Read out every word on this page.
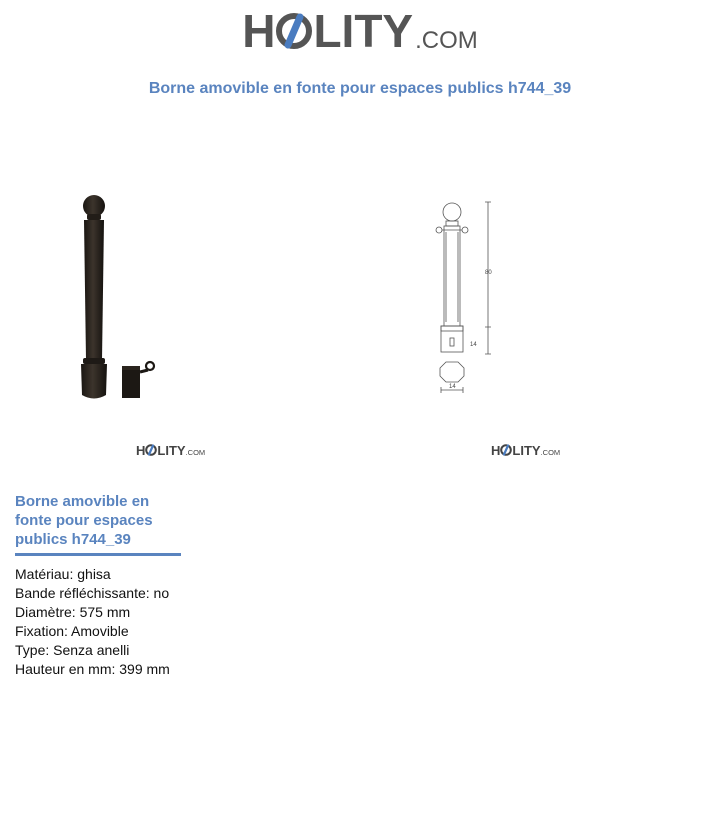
H LITY .COM
Borne amovible en fonte pour espaces publics h744_39
80
14
14
H LITY .COM	H LITY .COM
Borne amovible en fonte pour espaces publics h744_39
Matériau: ghisa
Bande réfléchissante: no
Diamètre: 575 mm
Fixation: Amovible
Type: Senza anelli
Hauteur en mm: 399 mm
